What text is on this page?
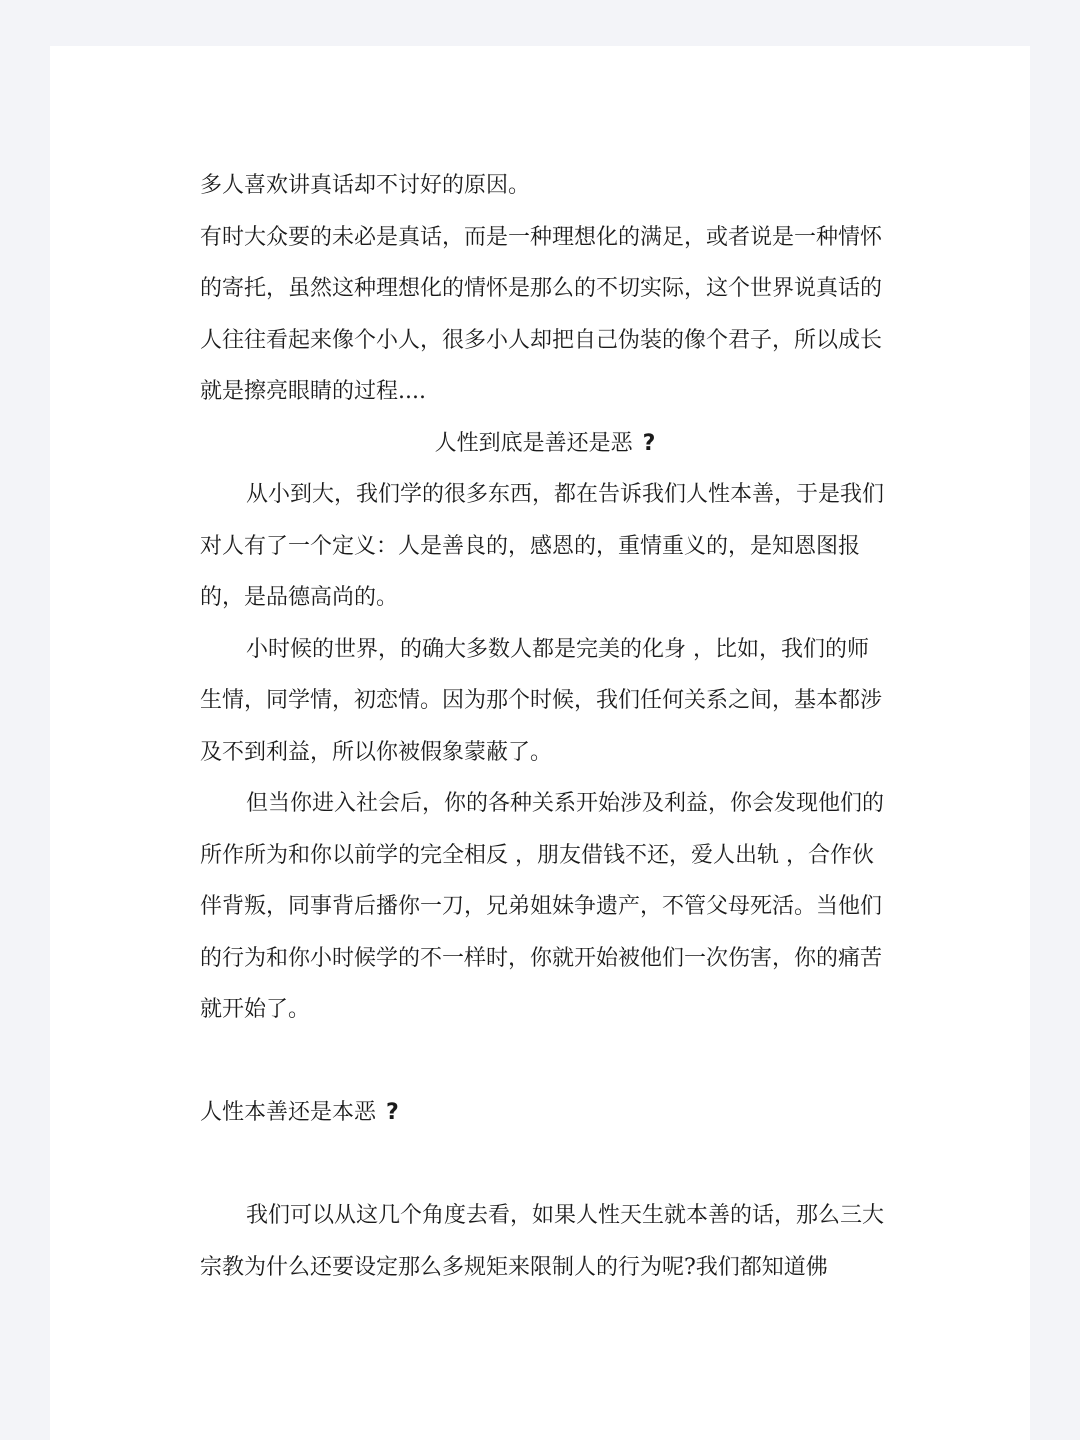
多人喜欢讲真话却不讨好的原因。

有时大众要的未必是真话，而是一种理想化的满足，或者说是一种情怀的寄托，虽然这种理想化的情怀是那么的不切实际，这个世界说真话的人往往看起来像个小人，很多小人却把自己伪装的像个君子，所以成长就是擦亮眼睛的过程....

人性到底是善还是恶 ?

从小到大，我们学的很多东西，都在告诉我们人性本善，于是我们对人有了一个定义：人是善良的，感恩的，重情重义的，是知恩图报的，是品德高尚的。

小时候的世界，的确大多数人都是完美的化身 ，比如，我们的师生情，同学情，初恋情。因为那个时候，我们任何关系之间，基本都涉及不到利益，所以你被假象蒙蔽了。

但当你进入社会后，你的各种关系开始涉及利益，你会发现他们的所作所为和你以前学的完全相反 ，朋友借钱不还，爱人出轨 ，合作伙伴背叛，同事背后播你一刀，兄弟姐妹争遗产，不管父母死活。当他们的行为和你小时候学的不一样时，你就开始被他们一次伤害，你的痛苦就开始了。

人性本善还是本恶 ?

我们可以从这几个角度去看，如果人性天生就本善的话，那么三大宗教为什么还要设定那么多规矩来限制人的行为呢?我们都知道佛
